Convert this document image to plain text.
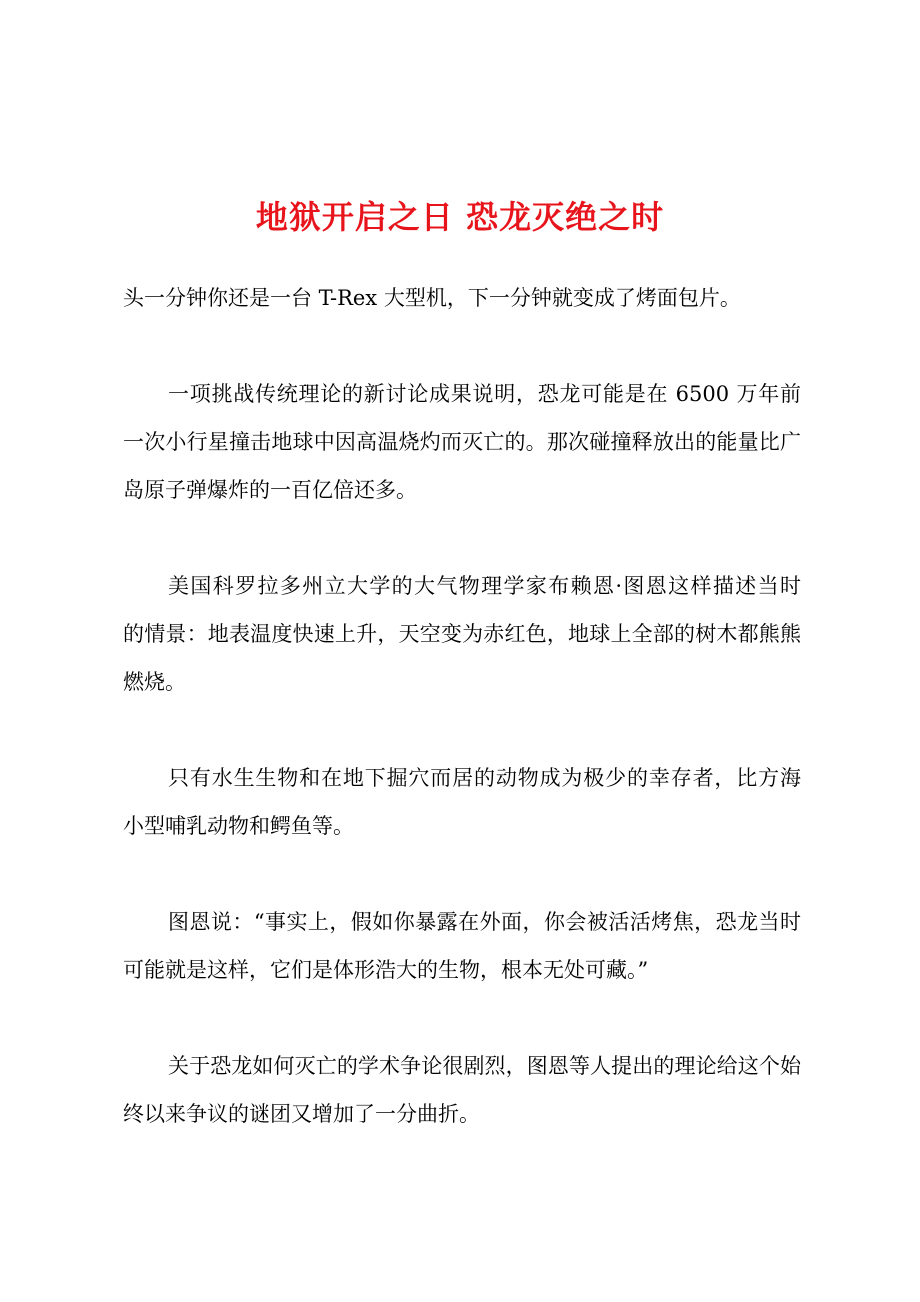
地狱开启之日 恐龙灭绝之时
头一分钟你还是一台 T-Rex 大型机，下一分钟就变成了烤面包片。
一项挑战传统理论的新讨论成果说明，恐龙可能是在 6500 万年前
一次小行星撞击地球中因高温烧灼而灭亡的。那次碰撞释放出的能量比广
岛原子弹爆炸的一百亿倍还多。
美国科罗拉多州立大学的大气物理学家布赖恩·图恩这样描述当时
的情景：地表温度快速上升，天空变为赤红色，地球上全部的树木都熊熊
燃烧。
只有水生生物和在地下掘穴而居的动物成为极少的幸存者，比方海
小型哺乳动物和鳄鱼等。
图恩说：“事实上，假如你暴露在外面，你会被活活烤焦，恐龙当时
可能就是这样，它们是体形浩大的生物，根本无处可藏。”
关于恐龙如何灭亡的学术争论很剧烈，图恩等人提出的理论给这个始
终以来争议的谜团又增加了一分曲折。
